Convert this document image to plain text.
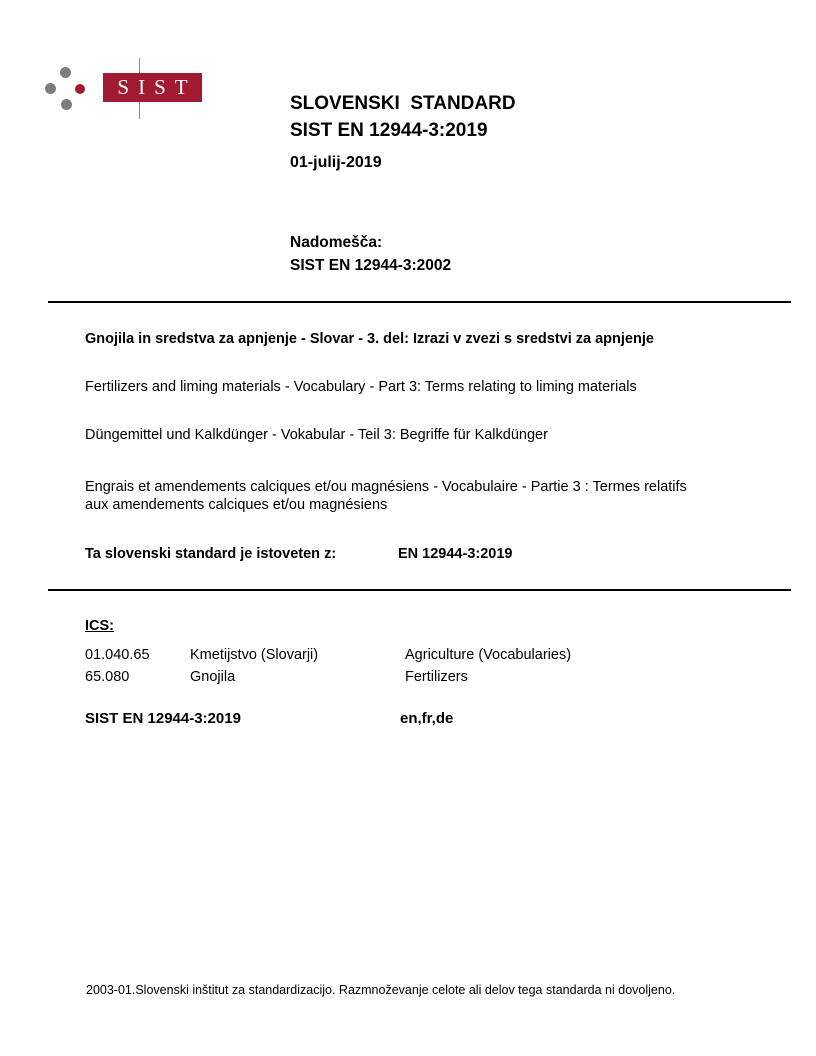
SIST
SLOVENSKI  STANDARD
SIST EN 12944-3:2019
01-julij-2019
Nadomešča:
SIST EN 12944-3:2002
Gnojila in sredstva za apnjenje - Slovar - 3. del: Izrazi v zvezi s sredstvi za apnjenje
Fertilizers and liming materials - Vocabulary - Part 3: Terms relating to liming materials
Düngemittel und Kalkdünger - Vokabular - Teil 3: Begriffe für Kalkdünger
Engrais et amendements calciques et/ou magnésiens - Vocabulaire - Partie 3 : Termes relatifs aux amendements calciques et/ou magnésiens
Ta slovenski standard je istoveten z:	EN 12944-3:2019
ICS:
01.040.65	Kmetijstvo (Slovarji)	Agriculture (Vocabularies)
65.080	Gnojila	Fertilizers
SIST EN 12944-3:2019	en,fr,de
2003-01.Slovenski inštitut za standardizacijo. Razmnoževanje celote ali delov tega standarda ni dovoljeno.
